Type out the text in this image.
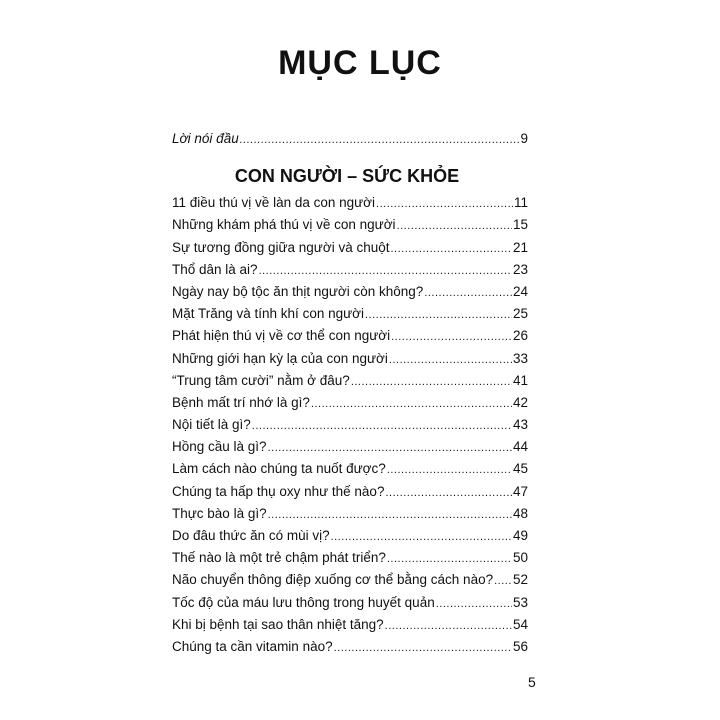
MỤC LỤC
Lời nói đầu .....	9
CON NGƯỜI – SỨC KHỎE
11 điều thú vị về làn da con người .....	11
Những khám phá thú vị về con người .....	15
Sự tương đồng giữa người và chuột .....	21
Thổ dân là ai? .....	23
Ngày nay bộ tộc ăn thịt người còn không? .....	24
Mặt Trăng và tính khí con người .....	25
Phát hiện thú vị về cơ thể con người .....	26
Những giới hạn kỳ lạ của con người .....	33
“Trung tâm cười” nằm ở đâu? .....	41
Bệnh mất trí nhớ là gì? .....	42
Nội tiết là gì? .....	43
Hồng cầu là gì? .....	44
Làm cách nào chúng ta nuốt được? .....	45
Chúng ta hấp thụ oxy như thế nào? .....	47
Thực bào là gì? .....	48
Do đâu thức ăn có mùi vị? .....	49
Thế nào là một trẻ chậm phát triển? .....	50
Não chuyển thông điệp xuống cơ thể bằng cách nào? ..... 52
Tốc độ của máu lưu thông trong huyết quản .....	53
Khi bị bệnh tại sao thân nhiệt tăng? .....	54
Chúng ta cần vitamin nào? .....	56
5
